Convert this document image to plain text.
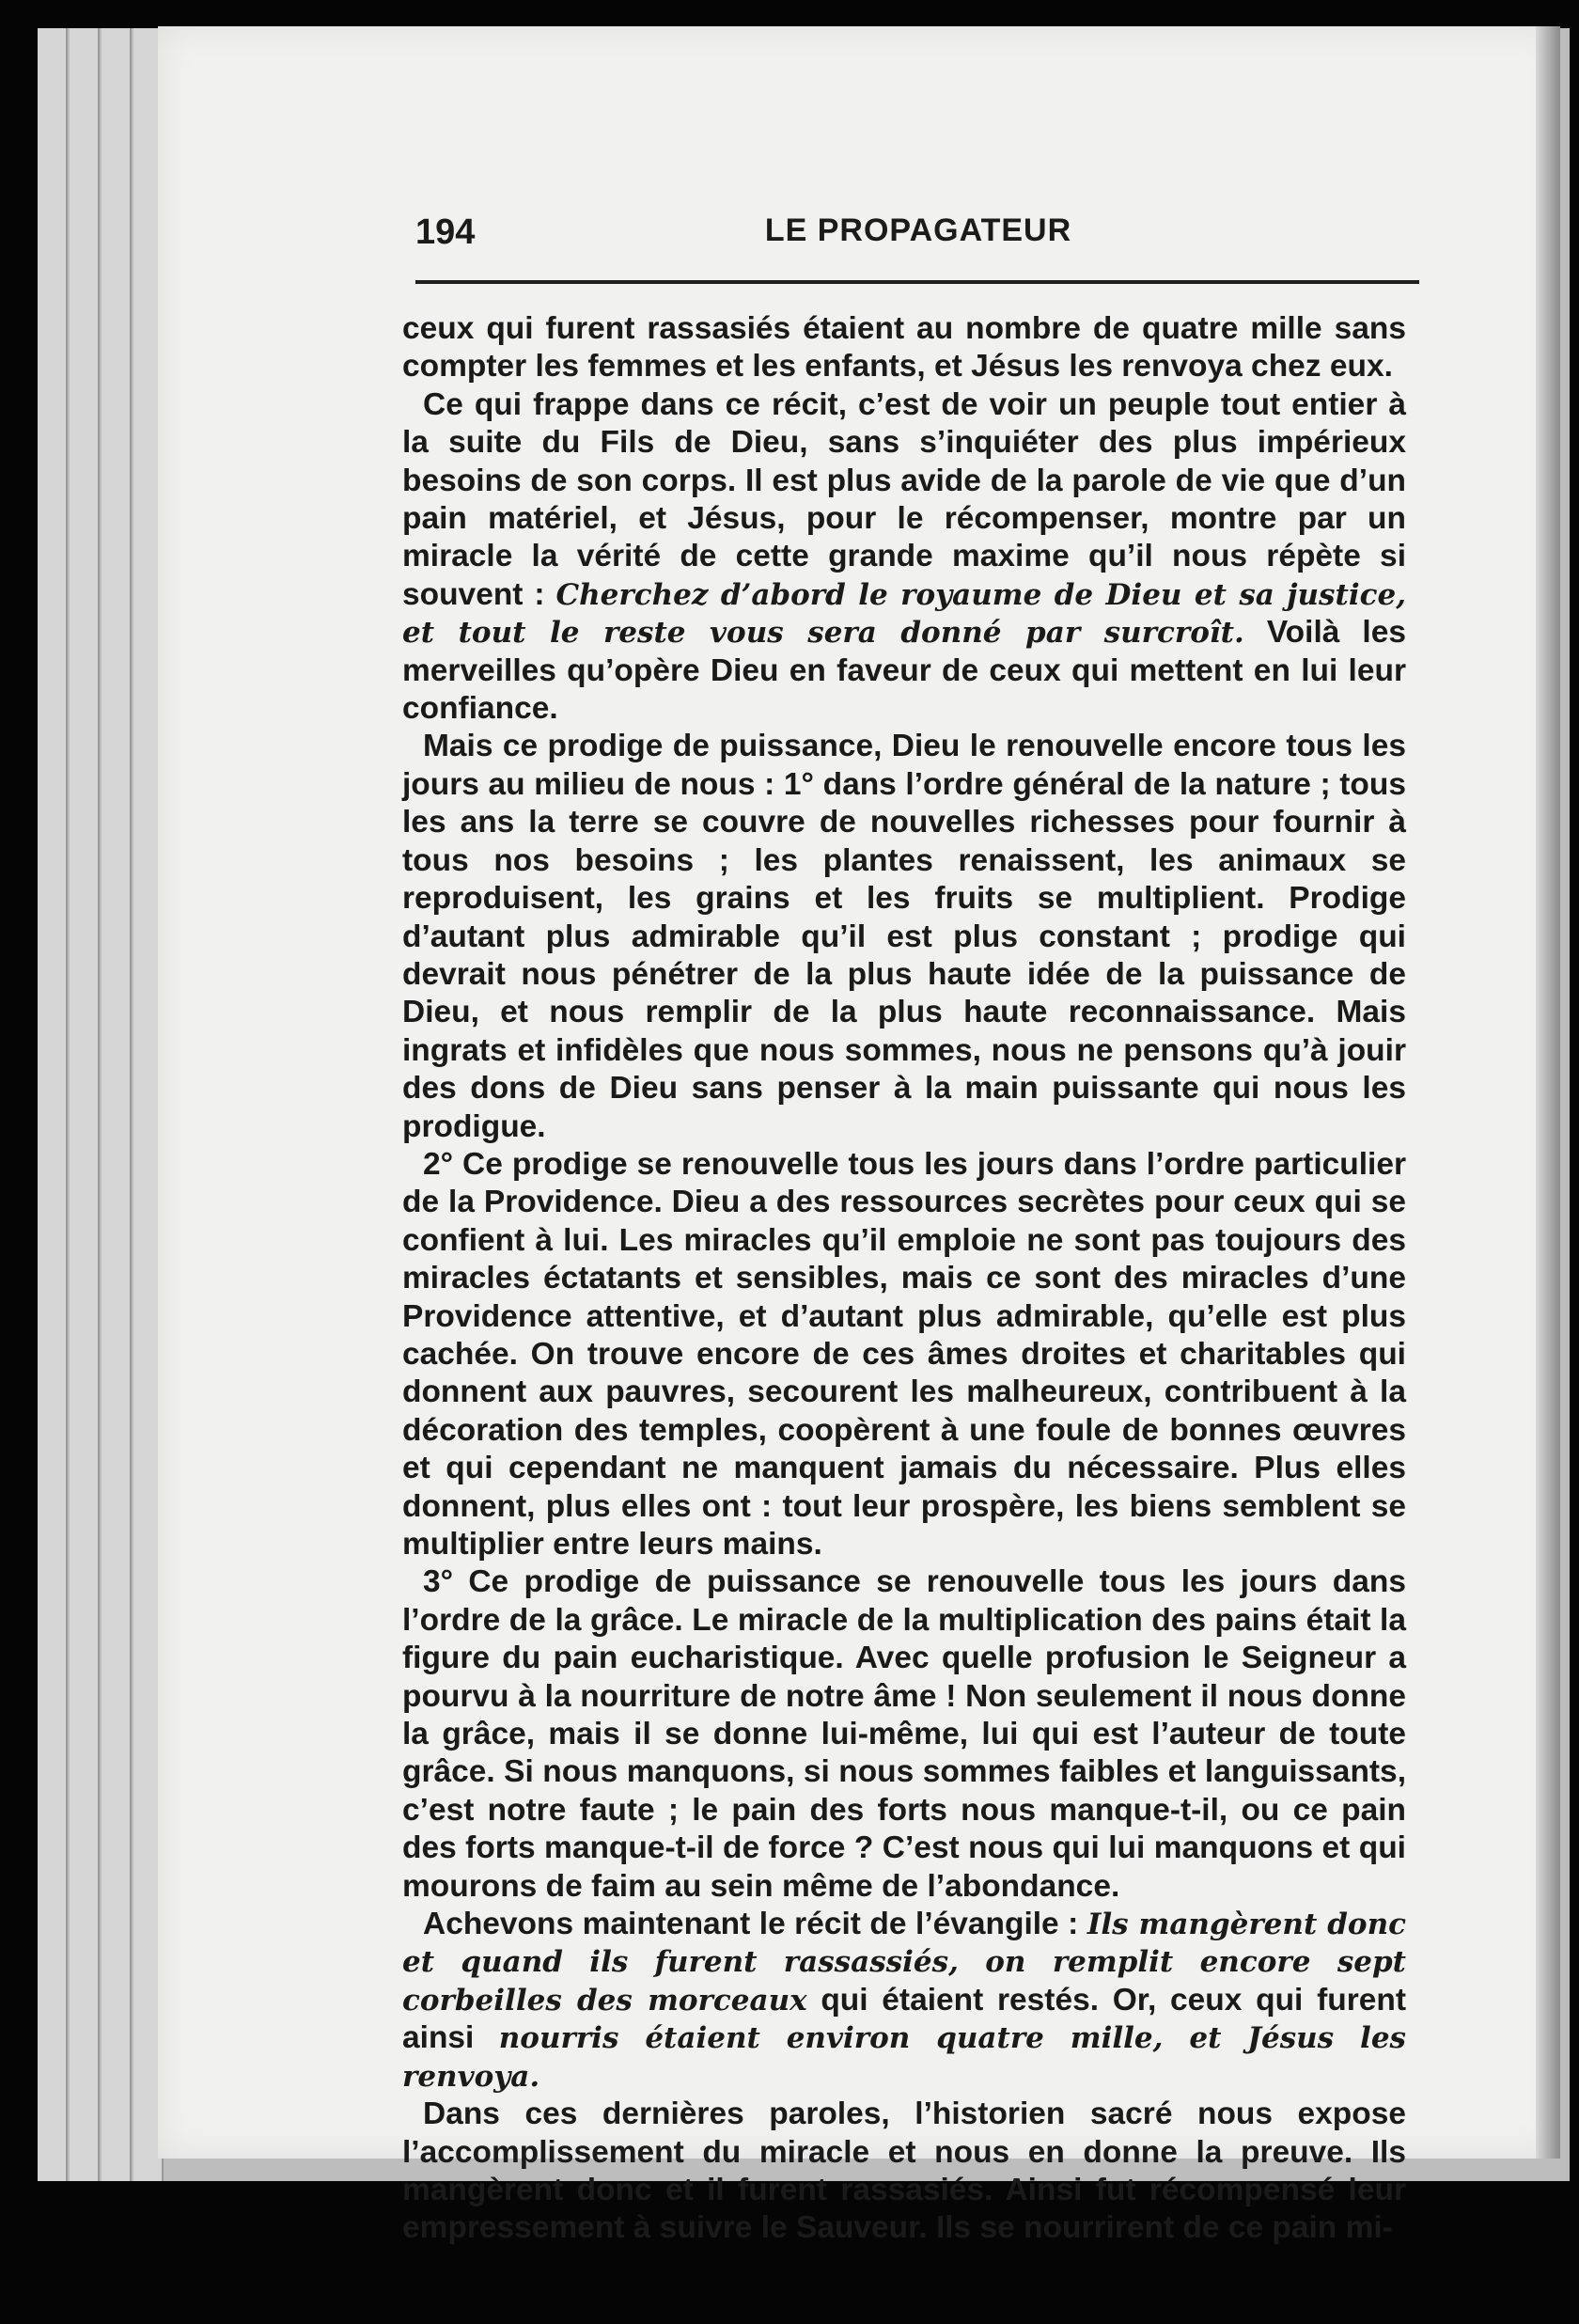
194	LE PROPAGATEUR

ceux qui furent rassasiés étaient au nombre de quatre mille sans compter les femmes et les enfants, et Jésus les renvoya chez eux.

Ce qui frappe dans ce récit, c’est de voir un peuple tout entier à la suite du Fils de Dieu, sans s’inquiéter des plus impérieux besoins de son corps. Il est plus avide de la parole de vie que d’un pain matériel, et Jésus, pour le récompenser, montre par un miracle la vérité de cette grande maxime qu’il nous répète si souvent : Cherchez d’abord le royaume de Dieu et sa justice, et tout le reste vous sera donné par surcroît. Voilà les merveilles qu’opère Dieu en faveur de ceux qui mettent en lui leur confiance.

Mais ce prodige de puissance, Dieu le renouvelle encore tous les jours au milieu de nous : 1° dans l’ordre général de la nature ; tous les ans la terre se couvre de nouvelles richesses pour fournir à tous nos besoins ; les plantes renaissent, les animaux se reproduisent, les grains et les fruits se multiplient. Prodige d’autant plus admirable qu’il est plus constant ; prodige qui devrait nous pénétrer de la plus haute idée de la puissance de Dieu, et nous remplir de la plus haute reconnaissance. Mais ingrats et infidèles que nous sommes, nous ne pensons qu’à jouir des dons de Dieu sans penser à la main puissante qui nous les prodigue.

2° Ce prodige se renouvelle tous les jours dans l’ordre particulier de la Providence. Dieu a des ressources secrètes pour ceux qui se confient à lui. Les miracles qu’il emploie ne sont pas toujours des miracles éctatants et sensibles, mais ce sont des miracles d’une Providence attentive, et d’autant plus admirable, qu’elle est plus cachée. On trouve encore de ces âmes droites et charitables qui donnent aux pauvres, secourent les malheureux, contribuent à la décoration des temples, coopèrent à une foule de bonnes œuvres et qui cependant ne manquent jamais du nécessaire. Plus elles donnent, plus elles ont : tout leur prospère, les biens semblent se multiplier entre leurs mains.

3° Ce prodige de puissance se renouvelle tous les jours dans l’ordre de la grâce. Le miracle de la multiplication des pains était la figure du pain eucharistique. Avec quelle profusion le Seigneur a pourvu à la nourriture de notre âme ! Non seulement il nous donne la grâce, mais il se donne lui-même, lui qui est l’auteur de toute grâce. Si nous manquons, si nous sommes faibles et languissants, c’est notre faute ; le pain des forts nous manque-t-il, ou ce pain des forts manque-t-il de force ? C’est nous qui lui manquons et qui mourons de faim au sein même de l’abondance.

Achevons maintenant le récit de l’évangile : Ils mangèrent donc et quand ils furent rassassiés, on remplit encore sept corbeilles des morceaux qui étaient restés. Or, ceux qui furent ainsi nourris étaient environ quatre mille, et Jésus les renvoya.

Dans ces dernières paroles, l’historien sacré nous expose l’accomplissement du miracle et nous en donne la preuve. Ils mangèrent donc et il furent rassasiés. Ainsi fut récompensé leur empressement à suivre le Sauveur. Ils se nourrirent de ce pain mi-
